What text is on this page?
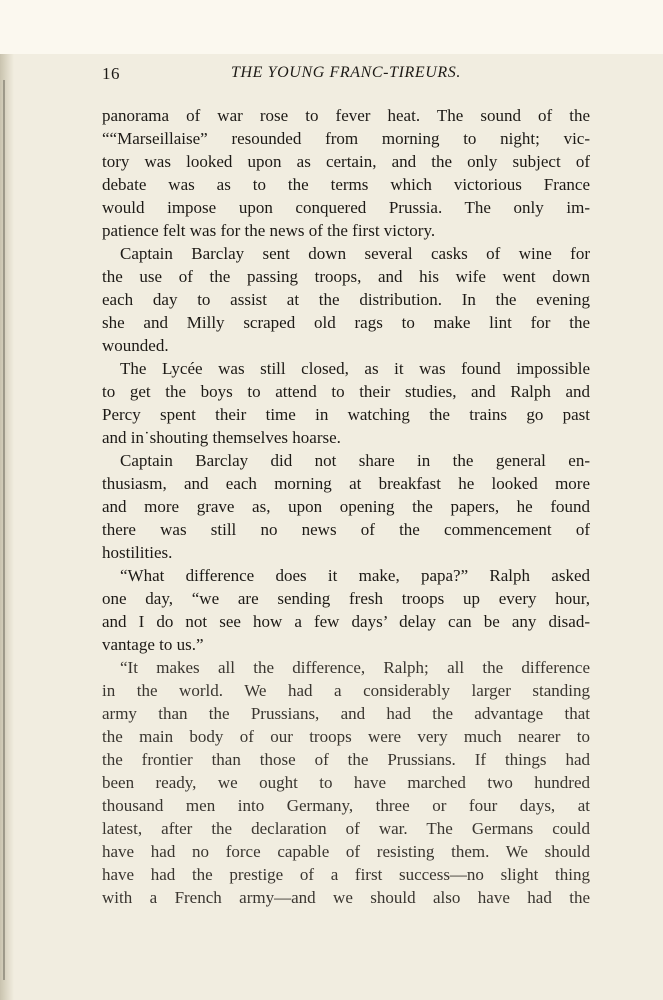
16	THE YOUNG FRANC-TIREURS.
panorama of war rose to fever heat. The sound of the
““Marseillaise” resounded from morning to night; vic-
tory was looked upon as certain, and the only subject of
debate was as to the terms which victorious France
would impose upon conquered Prussia. The only im-
patience felt was for the news of the first victory.
Captain Barclay sent down several casks of wine for
the use of the passing troops, and his wife went down
each day to assist at the distribution. In the evening
she and Milly scraped old rags to make lint for the
wounded.
The Lycée was still closed, as it was found impossible
to get the boys to attend to their studies, and Ralph and
Percy spent their time in watching the trains go past
and in˙shouting themselves hoarse.
Captain Barclay did not share in the general en-
thusiasm, and each morning at breakfast he looked more
and more grave as, upon opening the papers, he found
there was still no news of the commencement of
hostilities.
“What difference does it make, papa?” Ralph asked
one day, “we are sending fresh troops up every hour,
and I do not see how a few days’ delay can be any disad-
vantage to us.”
“It makes all the difference, Ralph; all the difference
in the world. We had a considerably larger standing
army than the Prussians, and had the advantage that
the main body of our troops were very much nearer to
the frontier than those of the Prussians. If things had
been ready, we ought to have marched two hundred
thousand men into Germany, three or four days, at
latest, after the declaration of war. The Germans could
have had no force capable of resisting them. We should
have had the prestige of a first success—no slight thing
with a French army—and we should also have had the
